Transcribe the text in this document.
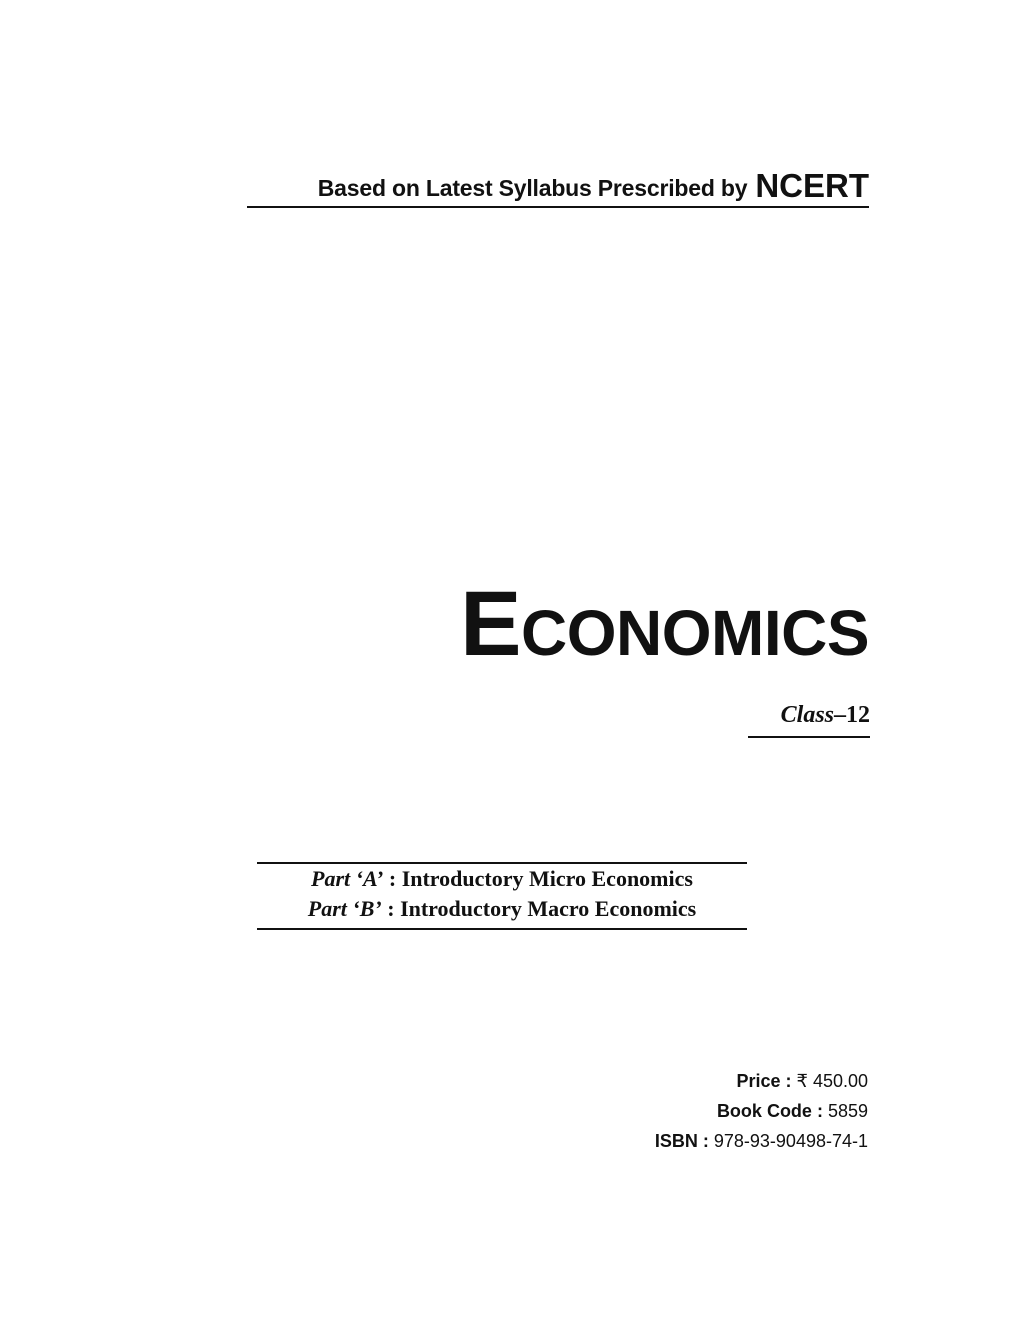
Based on Latest Syllabus Prescribed by NCERT
ECONOMICS
Class–12
Part ‘A’ : Introductory Micro Economics
Part ‘B’ : Introductory Macro Economics
Price : ₹ 450.00
Book Code : 5859
ISBN : 978-93-90498-74-1
